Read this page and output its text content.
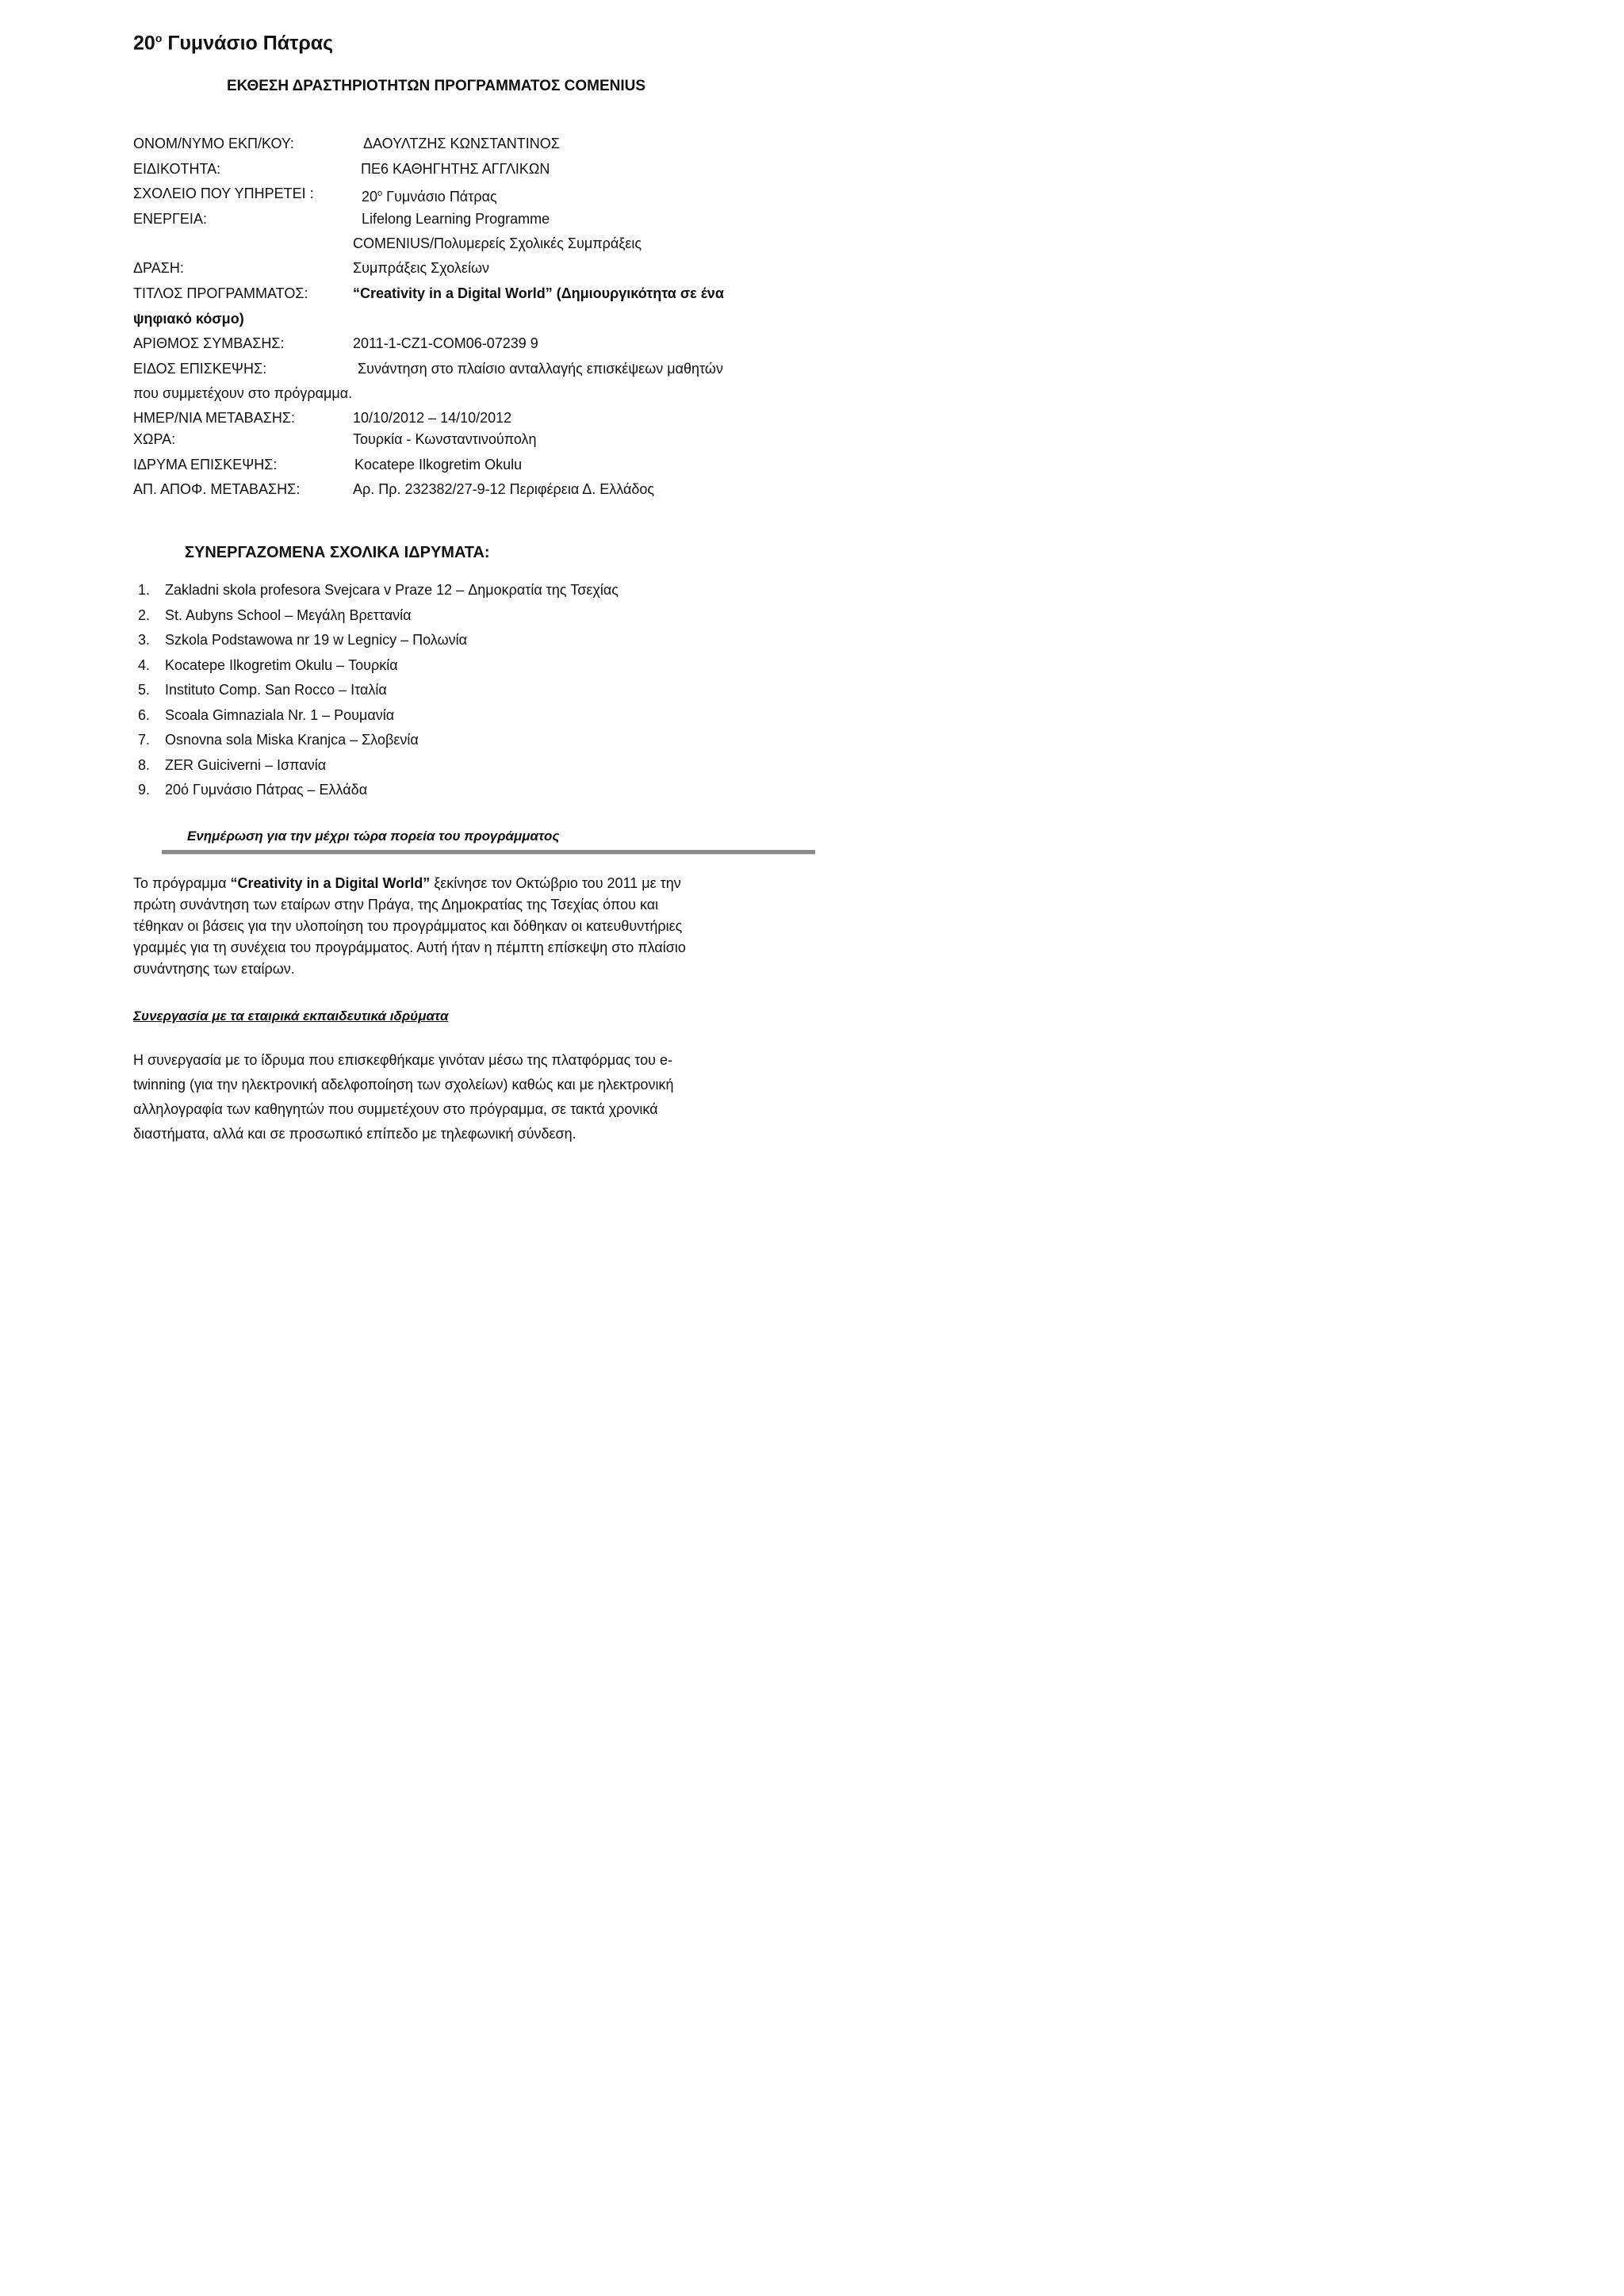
$20^o$ Γυμνάσιο Πάτρας
ΕΚΘΕΣΗ ΔΡΑΣΤΗΡΙΟΤΗΤΩΝ ΠΡΟΓΡΑΜΜΑΤΟΣ COMENIUS
ΟΝΟΜ/ΝΥΜΟ ΕΚΠ/ΚΟΥ:	ΔΑΟΥΛΤΖΗΣ ΚΩΝΣΤΑΝΤΙΝΟΣ
ΕΙΔΙΚΟΤΗΤΑ:	ΠΕ6 ΚΑΘΗΓΗΤΗΣ ΑΓΓΛΙΚΩΝ
ΣΧΟΛΕΙΟ ΠΟΥ ΥΠΗΡΕΤΕΙ :	$20^o$ Γυμνάσιο Πάτρας
ΕΝΕΡΓΕΙΑ:	Lifelong Learning Programme
COMENIUS/Πολυμερείς Σχολικές Συμπράξεις
ΔΡΑΣΗ:	Συμπράξεις Σχολείων
ΤΙΤΛΟΣ ΠΡΟΓΡΑΜΜΑΤΟΣ:	“Creativity in a Digital World” (Δημιουργικότητα σε ένα
ψηφιακό κόσμο)
ΑΡΙΘΜΟΣ ΣΥΜΒΑΣΗΣ:	2011-1-CZ1-COM06-07239 9
ΕΙΔΟΣ ΕΠΙΣΚΕΨΗΣ:	Συνάντηση στο πλαίσιο ανταλλαγής επισκέψεων μαθητών
που συμμετέχουν στο πρόγραμμα.
ΗΜΕΡ/ΝΙΑ ΜΕΤΑΒΑΣΗΣ:	10/10/2012 – 14/10/2012
ΧΩΡΑ:	Τουρκία - Κωνσταντινούπολη
ΙΔΡΥΜΑ ΕΠΙΣΚΕΨΗΣ:	Kocatepe Ilkogretim Okulu
ΑΠ. ΑΠΟΦ. ΜΕΤΑΒΑΣΗΣ:	Αρ. Πρ. 232382/27-9-12 Περιφέρεια Δ. Ελλάδος
ΣΥΝΕΡΓΑΖΟΜΕΝΑ ΣΧΟΛΙΚΑ ΙΔΡΥΜΑΤΑ:
1. Zakladni skola profesora Svejcara v Praze 12 – Δημοκρατία της Τσεχίας
2. St. Aubyns School – Μεγάλη Βρεττανία
3. Szkola Podstawowa nr 19 w Legnicy – Πολωνία
4. Kocatepe Ilkogretim Okulu – Τουρκία
5. Instituto Comp. San Rocco – Ιταλία
6. Scoala Gimnaziala Nr. 1 – Ρουμανία
7. Osnovna sola Miska Kranjca – Σλοβενία
8. ZER Guiciverni – Ισπανία
9. 20ό Γυμνάσιο Πάτρας – Ελλάδα
Ενημέρωση για την μέχρι τώρα πορεία του προγράμματος
Το πρόγραμμα “Creativity in a Digital World” ξεκίνησε τον Οκτώβριο του 2011 με την
πρώτη συνάντηση των εταίρων στην Πράγα, της Δημοκρατίας της Τσεχίας όπου και
τέθηκαν οι βάσεις για την υλοποίηση του προγράμματος και δόθηκαν οι κατευθυντήριες
γραμμές για τη συνέχεια του προγράμματος. Αυτή ήταν η πέμπτη επίσκεψη στο πλαίσιο
συνάντησης των εταίρων.
Συνεργασία με τα εταιρικά εκπαιδευτικά ιδρύματα
Η συνεργασία με το ίδρυμα που επισκεφθήκαμε γινόταν μέσω της πλατφόρμας του e-
twinning (για την ηλεκτρονική αδελφοποίηση των σχολείων) καθώς και με ηλεκτρονική
αλληλογραφία των καθηγητών που συμμετέχουν στο πρόγραμμα, σε τακτά χρονικά
διαστήματα, αλλά και σε προσωπικό επίπεδο με τηλεφωνική σύνδεση.
